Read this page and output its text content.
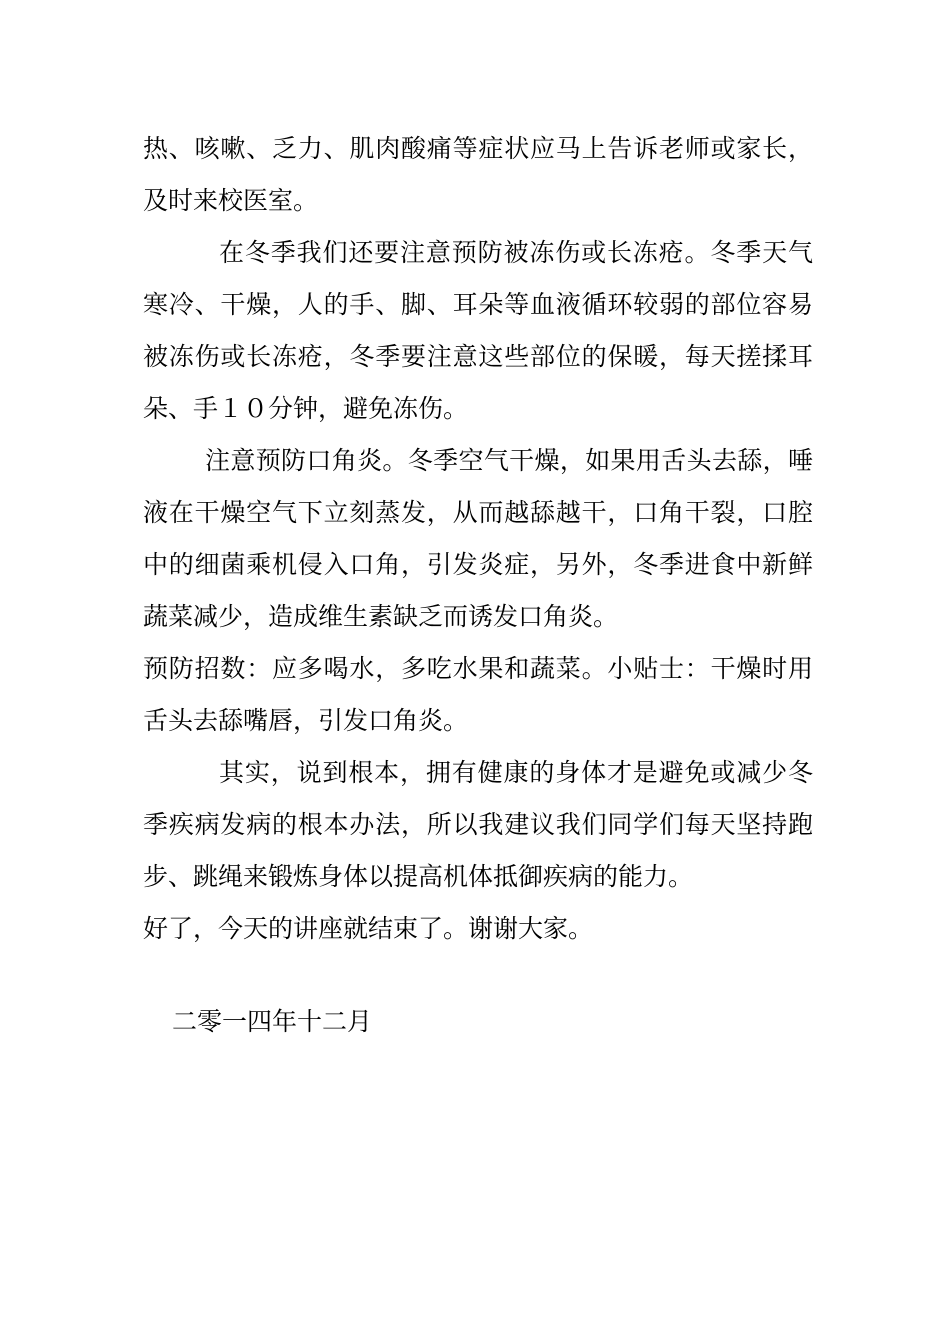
热、咳嗽、乏力、肌肉酸痛等症状应马上告诉老师或家长，及时来校医室。

在冬季我们还要注意预防被冻伤或长冻疮。冬季天气寒冷、干燥，人的手、脚、耳朵等血液循环较弱的部位容易被冻伤或长冻疮，冬季要注意这些部位的保暖，每天搓揉耳朵、手１０分钟，避免冻伤。

注意预防口角炎。冬季空气干燥，如果用舌头去舔，唾液在干燥空气下立刻蒸发，从而越舔越干，口角干裂，口腔中的细菌乘机侵入口角，引发炎症，另外，冬季进食中新鲜蔬菜减少，造成维生素缺乏而诱发口角炎。

预防招数：应多喝水，多吃水果和蔬菜。小贴士：干燥时用舌头去舔嘴唇，引发口角炎。

其实，说到根本，拥有健康的身体才是避免或减少冬季疾病发病的根本办法，所以我建议我们同学们每天坚持跑步、跳绳来锻炼身体以提高机体抵御疾病的能力。

好了，今天的讲座就结束了。谢谢大家。

二零一四年十二月
